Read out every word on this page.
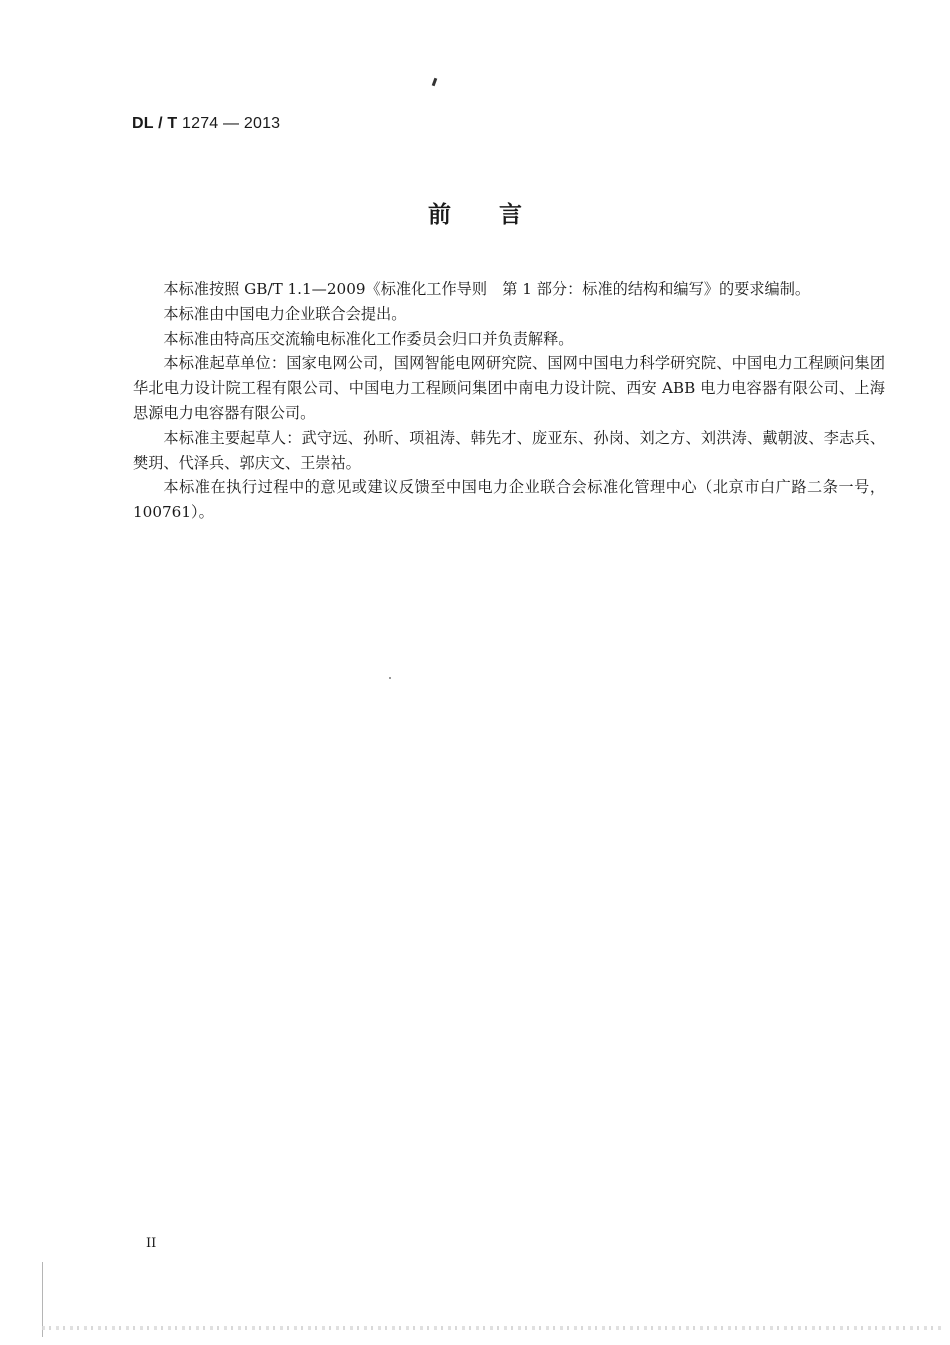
DL / T 1274 — 2013
前言

本标准按照 GB/T 1.1—2009《标准化工作导则　第 1 部分：标准的结构和编写》的要求编制。

本标准由中国电力企业联合会提出。

本标准由特高压交流输电标准化工作委员会归口并负责解释。

本标准起草单位：国家电网公司，国网智能电网研究院、国网中国电力科学研究院、中国电力工程顾问集团华北电力设计院工程有限公司、中国电力工程顾问集团中南电力设计院、西安 ABB 电力电容器有限公司、上海思源电力电容器有限公司。

本标准主要起草人：武守远、孙昕、项祖涛、韩先才、庞亚东、孙岗、刘之方、刘洪涛、戴朝波、李志兵、樊玥、代泽兵、郭庆文、王崇祜。

本标准在执行过程中的意见或建议反馈至中国电力企业联合会标准化管理中心（北京市白广路二条一号，100761）。

II
